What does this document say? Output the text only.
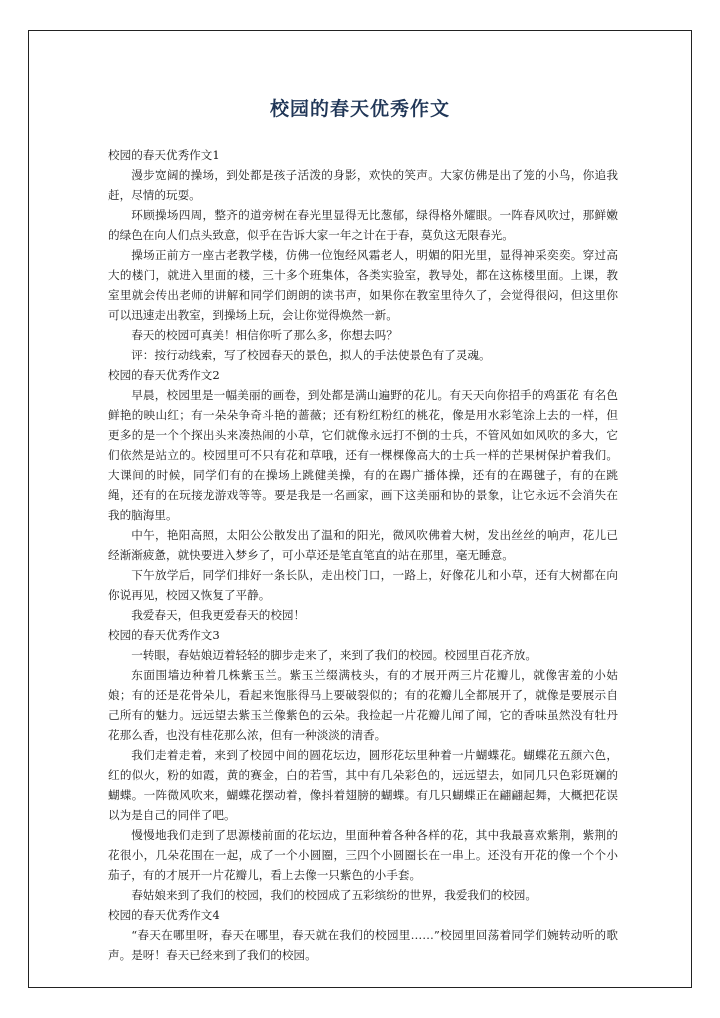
校园的春天优秀作文

校园的春天优秀作文1

漫步宽阔的操场，到处都是孩子活泼的身影，欢快的笑声。大家仿佛是出了笼的小鸟，你追我赶，尽情的玩耍。

环顾操场四周，整齐的道旁树在春光里显得无比葱郁，绿得格外耀眼。一阵春风吹过，那鲜嫩的绿色在向人们点头致意，似乎在告诉大家一年之计在于春，莫负这无限春光。

操场正前方一座古老教学楼，仿佛一位饱经风霜老人，明媚的阳光里，显得神采奕奕。穿过高大的楼门，就进入里面的楼，三十多个班集体，各类实验室，教导处，都在这栋楼里面。上课，教室里就会传出老师的讲解和同学们朗朗的读书声，如果你在教室里待久了，会觉得很闷，但这里你可以迅速走出教室，到操场上玩，会让你觉得焕然一新。

春天的校园可真美！相信你听了那么多，你想去吗？

评：按行动线索，写了校园春天的景色，拟人的手法使景色有了灵魂。

校园的春天优秀作文2

早晨，校园里是一幅美丽的画卷，到处都是满山遍野的花儿。有天天向你招手的鸡蛋花 有名色鲜艳的映山红；有一朵朵争奇斗艳的蔷薇；还有粉红粉红的桃花，像是用水彩笔涂上去的一样，但更多的是一个个探出头来凑热闹的小草，它们就像永远打不倒的士兵，不管风如如风吹的多大，它们依然是站立的。校园里可不只有花和草哦，还有一棵棵像高大的士兵一样的芒果树保护着我们。大课间的时候，同学们有的在操场上跳健美操，有的在踢广播体操，还有的在踢毽子，有的在跳绳，还有的在玩接龙游戏等等。要是我是一名画家，画下这美丽和协的景象，让它永远不会消失在我的脑海里。

中午，艳阳高照，太阳公公散发出了温和的阳光，微风吹佛着大树，发出丝丝的响声，花儿已经渐渐疲惫，就快要进入梦乡了，可小草还是笔直笔直的站在那里，毫无睡意。

下午放学后，同学们排好一条长队，走出校门口，一路上，好像花儿和小草，还有大树都在向你说再见，校园又恢复了平静。

我爱春天，但我更爱春天的校园！

校园的春天优秀作文3

一转眼，春姑娘迈着轻轻的脚步走来了，来到了我们的校园。校园里百花齐放。

东面围墙边种着几株紫玉兰。紫玉兰缀满枝头，有的才展开两三片花瓣儿，就像害羞的小姑娘；有的还是花骨朵儿，看起来饱胀得马上要破裂似的；有的花瓣儿全都展开了，就像是要展示自己所有的魅力。远远望去紫玉兰像紫色的云朵。我捡起一片花瓣儿闻了闻，它的香味虽然没有牡丹花那么香，也没有桂花那么浓，但有一种淡淡的清香。

我们走着走着，来到了校园中间的圆花坛边，圆形花坛里种着一片蝴蝶花。蝴蝶花五颜六色，红的似火，粉的如霞，黄的赛金，白的若雪，其中有几朵彩色的，远远望去，如同几只色彩斑斓的蝴蝶。一阵微风吹来，蝴蝶花摆动着，像抖着翅膀的蝴蝶。有几只蝴蝶正在翩翩起舞，大概把花误以为是自己的同伴了吧。

慢慢地我们走到了思源楼前面的花坛边，里面种着各种各样的花，其中我最喜欢紫荆，紫荆的花很小，几朵花围在一起，成了一个小圆圈，三四个小圆圈长在一串上。还没有开花的像一个个小茄子，有的才展开一片花瓣儿，看上去像一只紫色的小手套。

春姑娘来到了我们的校园，我们的校园成了五彩缤纷的世界，我爱我们的校园。

校园的春天优秀作文4

“春天在哪里呀，春天在哪里，春天就在我们的校园里……”校园里回荡着同学们婉转动听的歌声。是呀！春天已经来到了我们的校园。
